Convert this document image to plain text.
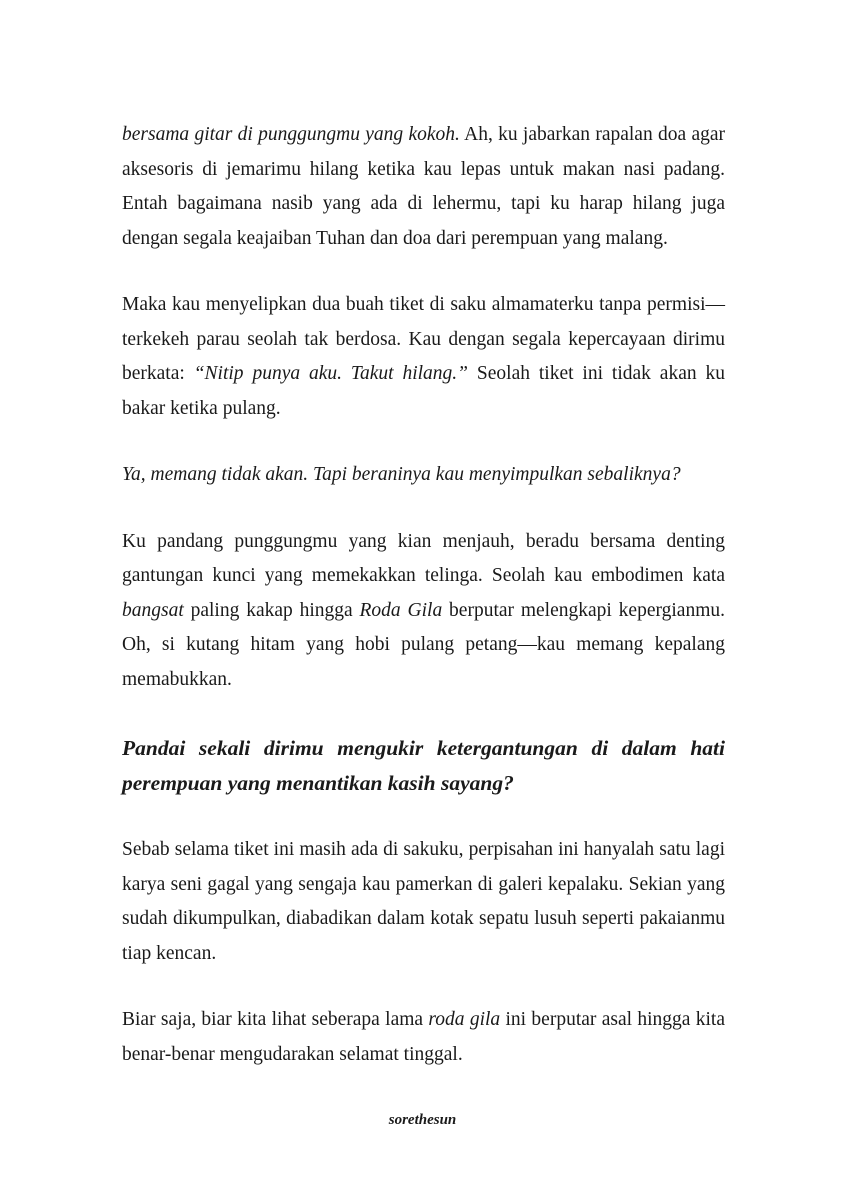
bersama gitar di punggungmu yang kokoh. Ah, ku jabarkan rapalan doa agar aksesoris di jemarimu hilang ketika kau lepas untuk makan nasi padang. Entah bagaimana nasib yang ada di lehermu, tapi ku harap hilang juga dengan segala keajaiban Tuhan dan doa dari perempuan yang malang.

Maka kau menyelipkan dua buah tiket di saku almamaterku tanpa permisi—terkekeh parau seolah tak berdosa. Kau dengan segala kepercayaan dirimu berkata: “Nitip punya aku. Takut hilang.” Seolah tiket ini tidak akan ku bakar ketika pulang.

Ya, memang tidak akan. Tapi beraninya kau menyimpulkan sebaliknya?

Ku pandang punggungmu yang kian menjauh, beradu bersama denting gantungan kunci yang memekakkan telinga. Seolah kau embodimen kata bangsat paling kakap hingga Roda Gila berputar melengkapi kepergianmu. Oh, si kutang hitam yang hobi pulang petang—kau memang kepalang memabukkan.

Pandai sekali dirimu mengukir ketergantungan di dalam hati perempuan yang menantikan kasih sayang?

Sebab selama tiket ini masih ada di sakuku, perpisahan ini hanyalah satu lagi karya seni gagal yang sengaja kau pamerkan di galeri kepalaku. Sekian yang sudah dikumpulkan, diabadikan dalam kotak sepatu lusuh seperti pakaianmu tiap kencan.

Biar saja, biar kita lihat seberapa lama roda gila ini berputar asal hingga kita benar-benar mengudarakan selamat tinggal.

sorethesun
